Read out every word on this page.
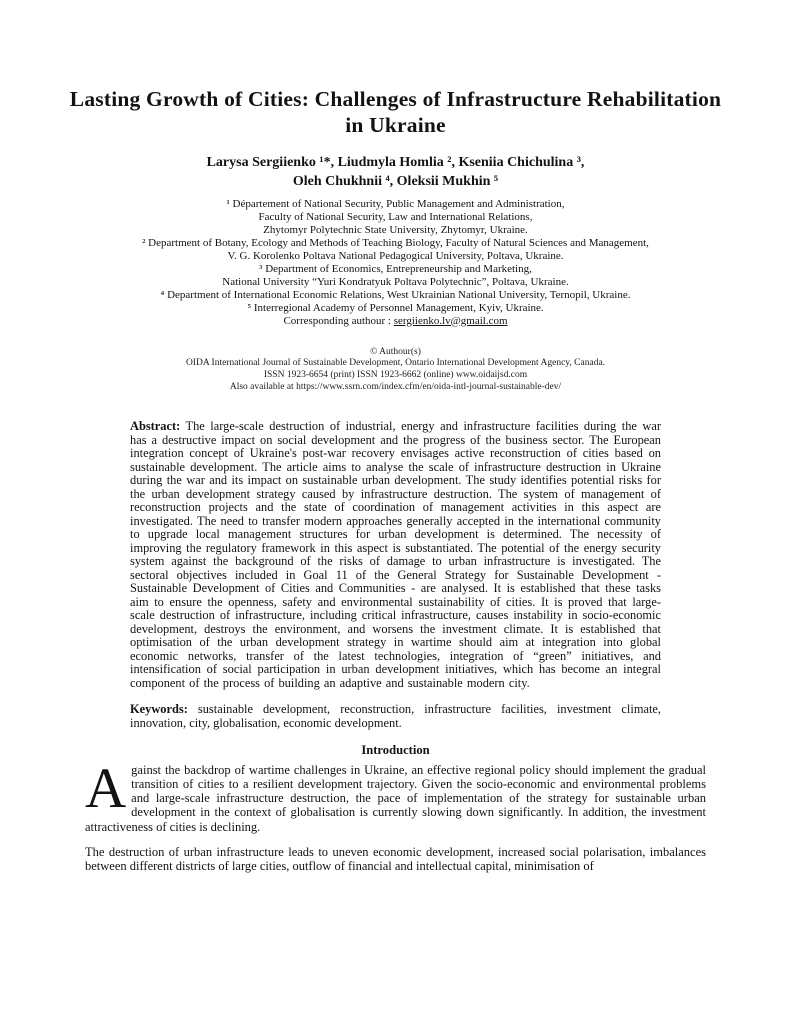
Lasting Growth of Cities: Challenges of Infrastructure Rehabilitation in Ukraine
Larysa Sergiienko ¹*, Liudmyla Homlia ², Kseniia Chichulina ³,
Oleh Chukhnii ⁴, Oleksii Mukhin ⁵
¹ Département of National Security, Public Management and Administration,
Faculty of National Security, Law and International Relations,
Zhytomyr Polytechnic State University, Zhytomyr, Ukraine.
² Department of Botany, Ecology and Methods of Teaching Biology, Faculty of Natural Sciences and Management,
V. G. Korolenko Poltava National Pedagogical University, Poltava, Ukraine.
³ Department of Economics, Entrepreneurship and Marketing,
National University “Yuri Kondratyuk Poltava Polytechnic”, Poltava, Ukraine.
⁴ Department of International Economic Relations, West Ukrainian National University, Ternopil, Ukraine.
⁵ Interregional Academy of Personnel Management, Kyiv, Ukraine.
Corresponding authour : sergiienko.lv@gmail.com
© Authour(s)
OIDA International Journal of Sustainable Development, Ontario International Development Agency, Canada.
ISSN 1923-6654 (print) ISSN 1923-6662 (online) www.oidaijsd.com
Also available at https://www.ssrn.com/index.cfm/en/oida-intl-journal-sustainable-dev/
Abstract: The large-scale destruction of industrial, energy and infrastructure facilities during the war has a destructive impact on social development and the progress of the business sector. The European integration concept of Ukraine's post-war recovery envisages active reconstruction of cities based on sustainable development. The article aims to analyse the scale of infrastructure destruction in Ukraine during the war and its impact on sustainable urban development. The study identifies potential risks for the urban development strategy caused by infrastructure destruction. The system of management of reconstruction projects and the state of coordination of management activities in this aspect are investigated. The need to transfer modern approaches generally accepted in the international community to upgrade local management structures for urban development is determined. The necessity of improving the regulatory framework in this aspect is substantiated. The potential of the energy security system against the background of the risks of damage to urban infrastructure is investigated. The sectoral objectives included in Goal 11 of the General Strategy for Sustainable Development - Sustainable Development of Cities and Communities - are analysed. It is established that these tasks aim to ensure the openness, safety and environmental sustainability of cities. It is proved that large-scale destruction of infrastructure, including critical infrastructure, causes instability in socio-economic development, destroys the environment, and worsens the investment climate. It is established that optimisation of the urban development strategy in wartime should aim at integration into global economic networks, transfer of the latest technologies, integration of “green” initiatives, and intensification of social participation in urban development initiatives, which has become an integral component of the process of building an adaptive and sustainable modern city.
Keywords: sustainable development, reconstruction, infrastructure facilities, investment climate, innovation, city, globalisation, economic development.
Introduction

Against the backdrop of wartime challenges in Ukraine, an effective regional policy should implement the gradual transition of cities to a resilient development trajectory. Given the socio-economic and environmental problems and large-scale infrastructure destruction, the pace of implementation of the strategy for sustainable urban development in the context of globalisation is currently slowing down significantly. In addition, the investment attractiveness of cities is declining.

The destruction of urban infrastructure leads to uneven economic development, increased social polarisation, imbalances between different districts of large cities, outflow of financial and intellectual capital, minimisation of
